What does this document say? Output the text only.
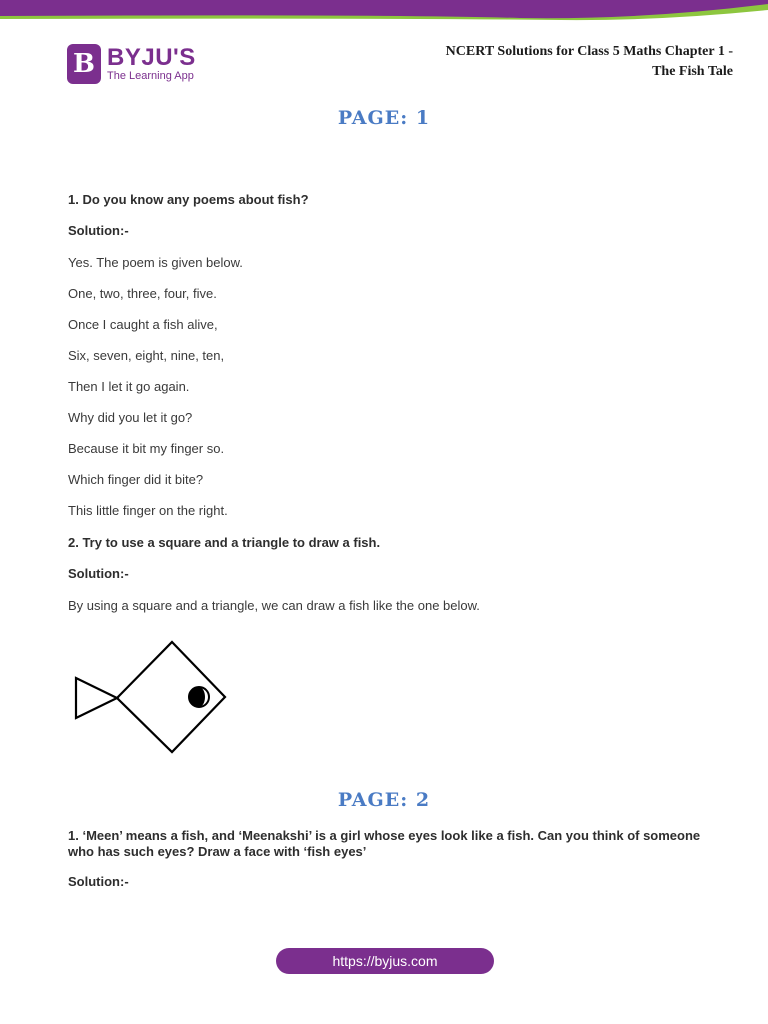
B BYJU'S
The Learning App
NCERT Solutions for Class 5 Maths Chapter 1 -
The Fish Tale
PAGE: 1
1. Do you know any poems about fish?
Solution:-
Yes. The poem is given below.
One, two, three, four, five.
Once I caught a fish alive,
Six, seven, eight, nine, ten,
Then I let it go again.
Why did you let it go?
Because it bit my finger so.
Which finger did it bite?
This little finger on the right.
2. Try to use a square and a triangle to draw a fish.
Solution:-
By using a square and a triangle, we can draw a fish like the one below.
PAGE: 2
1. ‘Meen’ means a fish, and ‘Meenakshi’ is a girl whose eyes look like a fish. Can you think of someone who has such eyes? Draw a face with ‘fish eyes’
Solution:-
https://byjus.com
